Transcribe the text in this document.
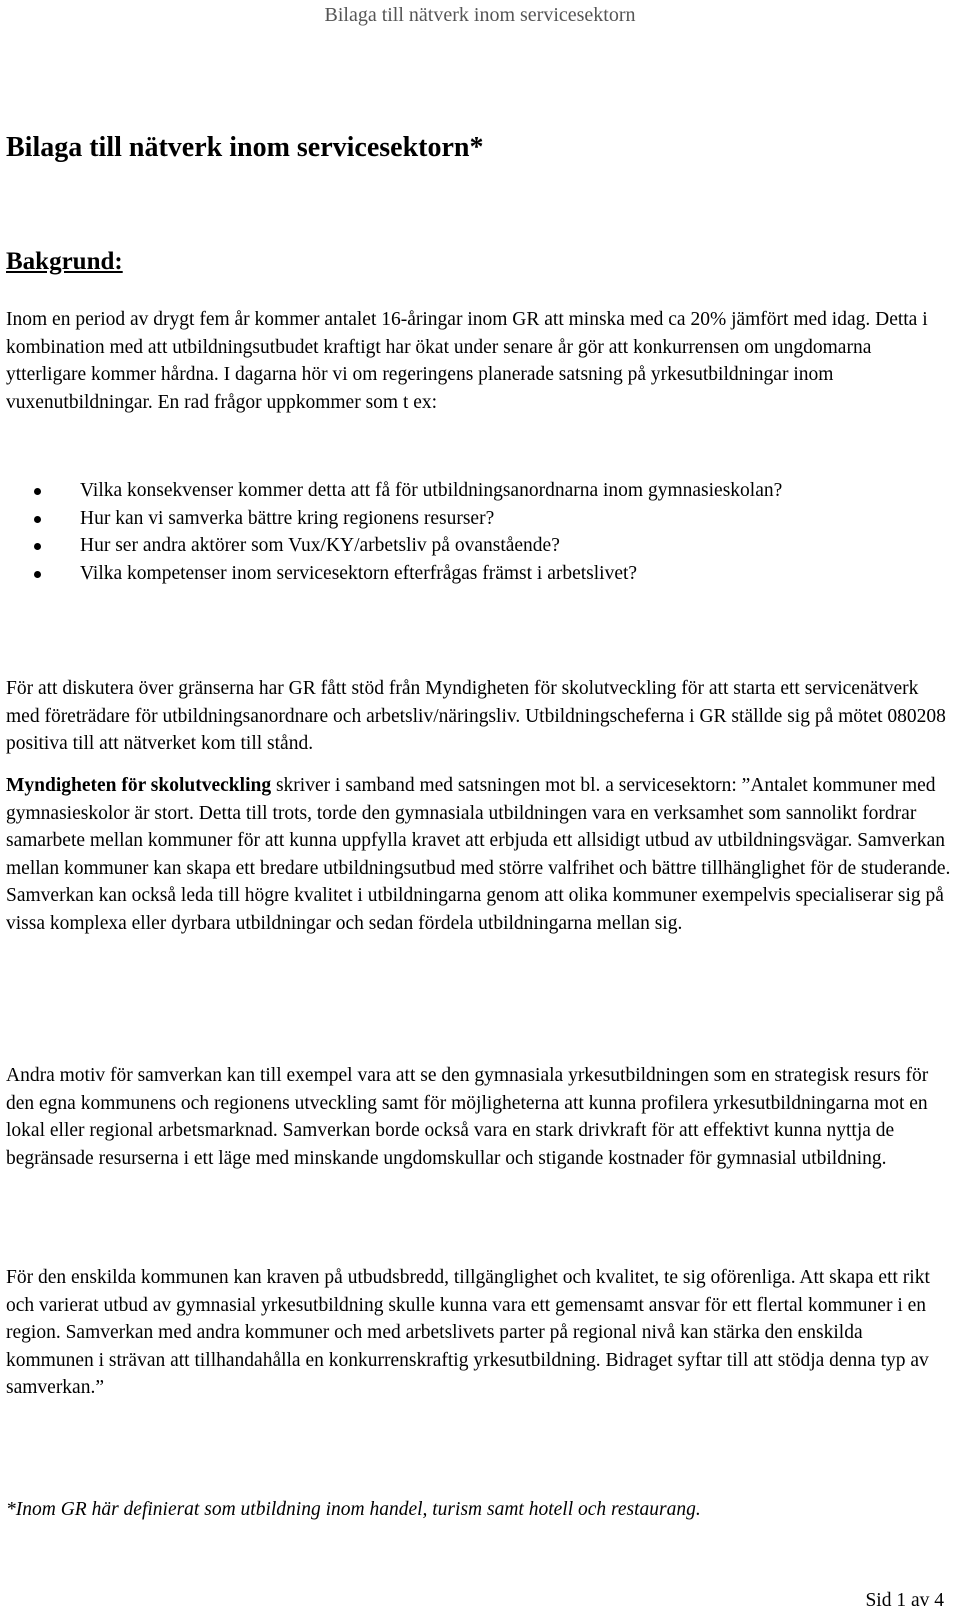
Bilaga till nätverk inom servicesektorn
Bilaga till nätverk inom servicesektorn*
Bakgrund:

Inom en period av drygt fem år kommer antalet 16-åringar inom GR att minska med ca 20% jämfört med idag. Detta i kombination med att utbildningsutbudet kraftigt har ökat under senare år gör att konkurrensen om ungdomarna ytterligare kommer hårdna. I dagarna hör vi om regeringens planerade satsning på yrkesutbildningar inom vuxenutbildningar. En rad frågor uppkommer som t ex:

Vilka konsekvenser kommer detta att få för utbildningsanordnarna inom gymnasieskolan?
Hur kan vi samverka bättre kring regionens resurser?
Hur ser andra aktörer som Vux/KY/arbetsliv på ovanstående?
Vilka kompetenser inom servicesektorn efterfrågas främst i arbetslivet?

För att diskutera över gränserna har GR fått stöd från Myndigheten för skolutveckling för att starta ett servicenätverk med företrädare för utbildningsanordnare och arbetsliv/näringsliv. Utbildningscheferna i GR ställde sig på mötet 080208 positiva till att nätverket kom till stånd.

Myndigheten för skolutveckling skriver i samband med satsningen mot bl. a servicesektorn: ”Antalet kommuner med gymnasieskolor är stort. Detta till trots, torde den gymnasiala utbildningen vara en verksamhet som sannolikt fordrar samarbete mellan kommuner för att kunna uppfylla kravet att erbjuda ett allsidigt utbud av utbildningsvägar. Samverkan mellan kommuner kan skapa ett bredare utbildningsutbud med större valfrihet och bättre tillhänglighet för de studerande. Samverkan kan också leda till högre kvalitet i utbildningarna genom att olika kommuner exempelvis specialiserar sig på vissa komplexa eller dyrbara utbildningar och sedan fördela utbildningarna mellan sig.

Andra motiv för samverkan kan till exempel vara att se den gymnasiala yrkesutbildningen som en strategisk resurs för den egna kommunens och regionens utveckling samt för möjligheterna att kunna profilera yrkesutbildningarna mot en lokal eller regional arbetsmarknad. Samverkan borde också vara en stark drivkraft för att effektivt kunna nyttja de begränsade resurserna i ett läge med minskande ungdomskullar och stigande kostnader för gymnasial utbildning.

För den enskilda kommunen kan kraven på utbudsbredd, tillgänglighet och kvalitet, te sig oförenliga. Att skapa ett rikt och varierat utbud av gymnasial yrkesutbildning skulle kunna vara ett gemensamt ansvar för ett flertal kommuner i en region. Samverkan med andra kommuner och med arbetslivets parter på regional nivå kan stärka den enskilda kommunen i strävan att tillhandahålla en konkurrenskraftig yrkesutbildning. Bidraget syftar till att stödja denna typ av samverkan.”

*Inom GR här definierat som utbildning inom handel, turism samt hotell och restaurang.

Sid 1 av 4
